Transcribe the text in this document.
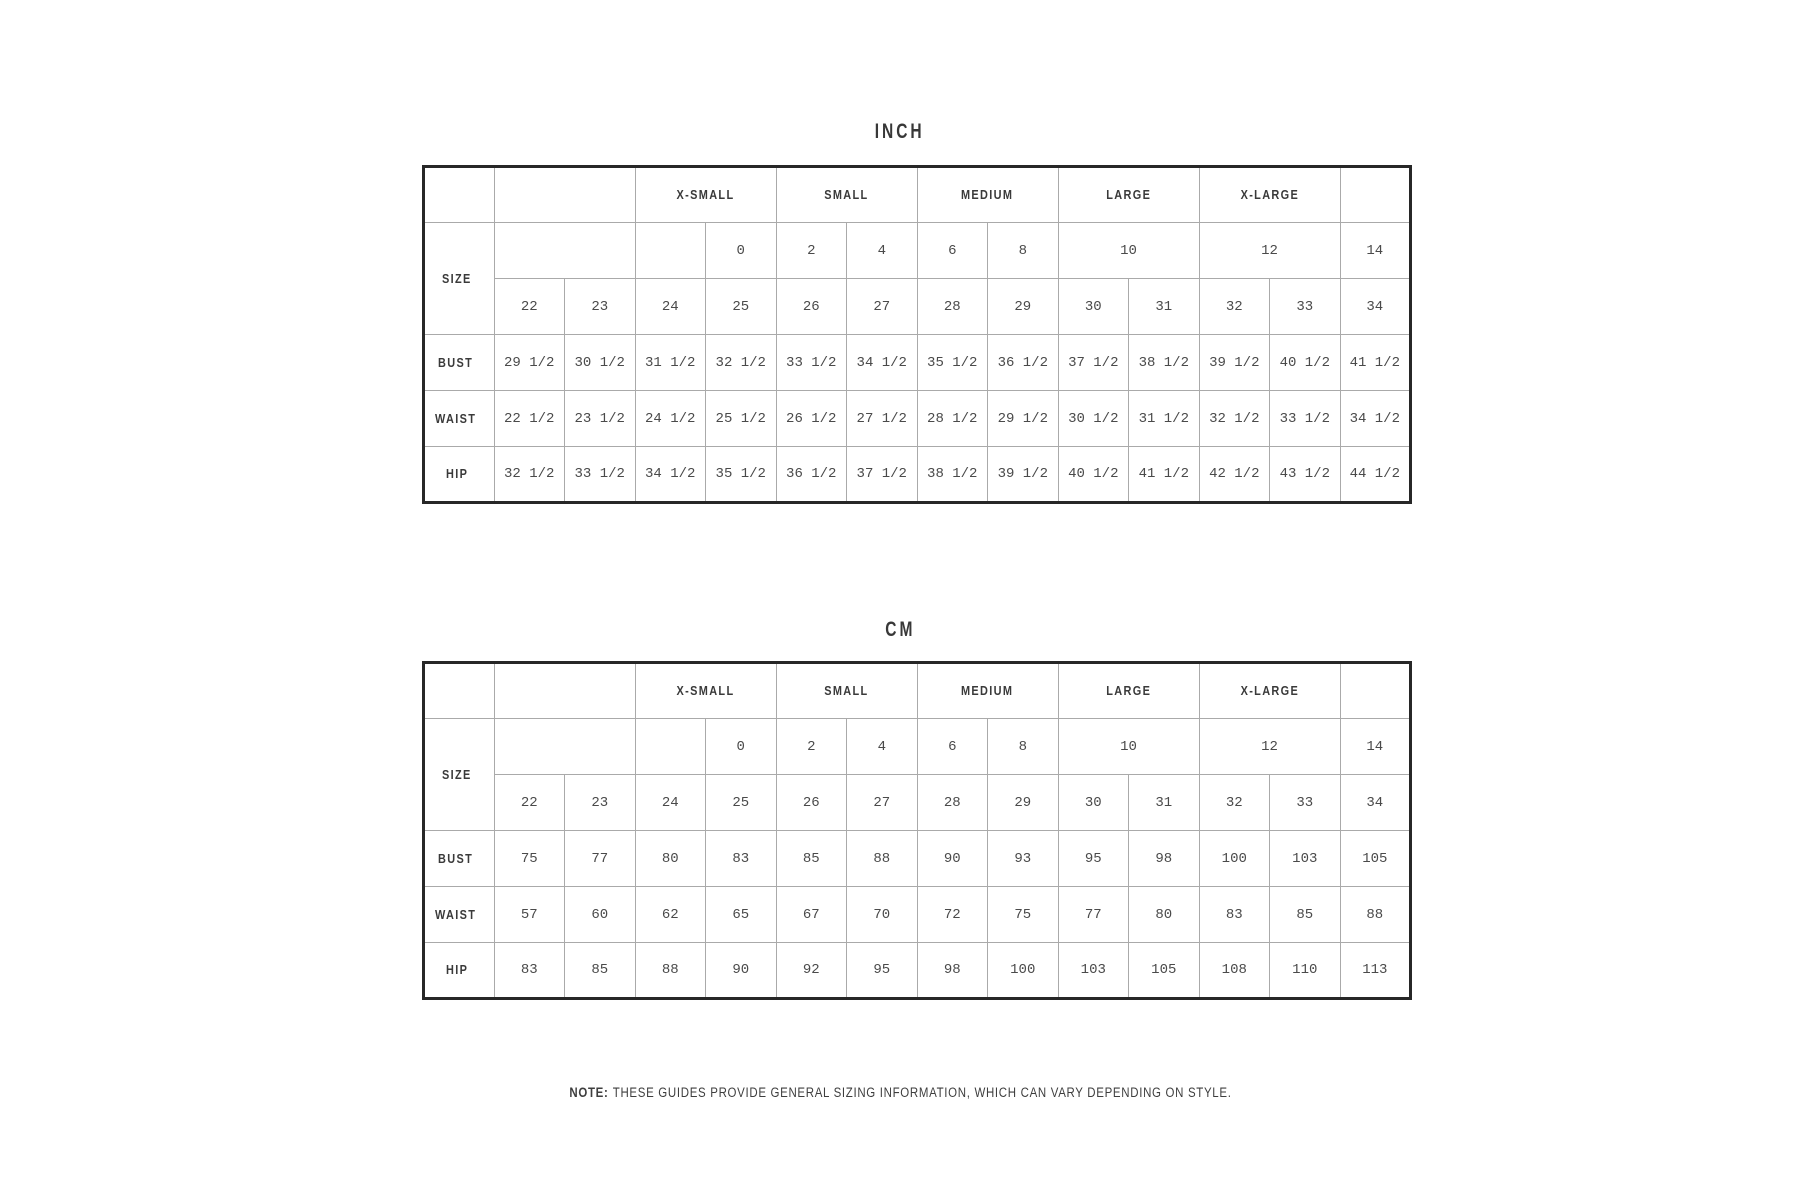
INCH
			X-SMALL		SMALL		MEDIUM		LARGE		X-LARGE		
SIZE				0	2	4	6	8	10		12		14
	22	23	24	25	26	27	28	29	30	31	32	33	34
BUST	29 1/2	30 1/2	31 1/2	32 1/2	33 1/2	34 1/2	35 1/2	36 1/2	37 1/2	38 1/2	39 1/2	40 1/2	41 1/2
WAIST	22 1/2	23 1/2	24 1/2	25 1/2	26 1/2	27 1/2	28 1/2	29 1/2	30 1/2	31 1/2	32 1/2	33 1/2	34 1/2
HIP	32 1/2	33 1/2	34 1/2	35 1/2	36 1/2	37 1/2	38 1/2	39 1/2	40 1/2	41 1/2	42 1/2	43 1/2	44 1/2
CM
			X-SMALL		SMALL		MEDIUM		LARGE		X-LARGE		
SIZE				0	2	4	6	8	10		12		14
	22	23	24	25	26	27	28	29	30	31	32	33	34
BUST	75	77	80	83	85	88	90	93	95	98	100	103	105
WAIST	57	60	62	65	67	70	72	75	77	80	83	85	88
HIP	83	85	88	90	92	95	98	100	103	105	108	110	113
NOTE: THESE GUIDES PROVIDE GENERAL SIZING INFORMATION, WHICH CAN VARY DEPENDING ON STYLE.
